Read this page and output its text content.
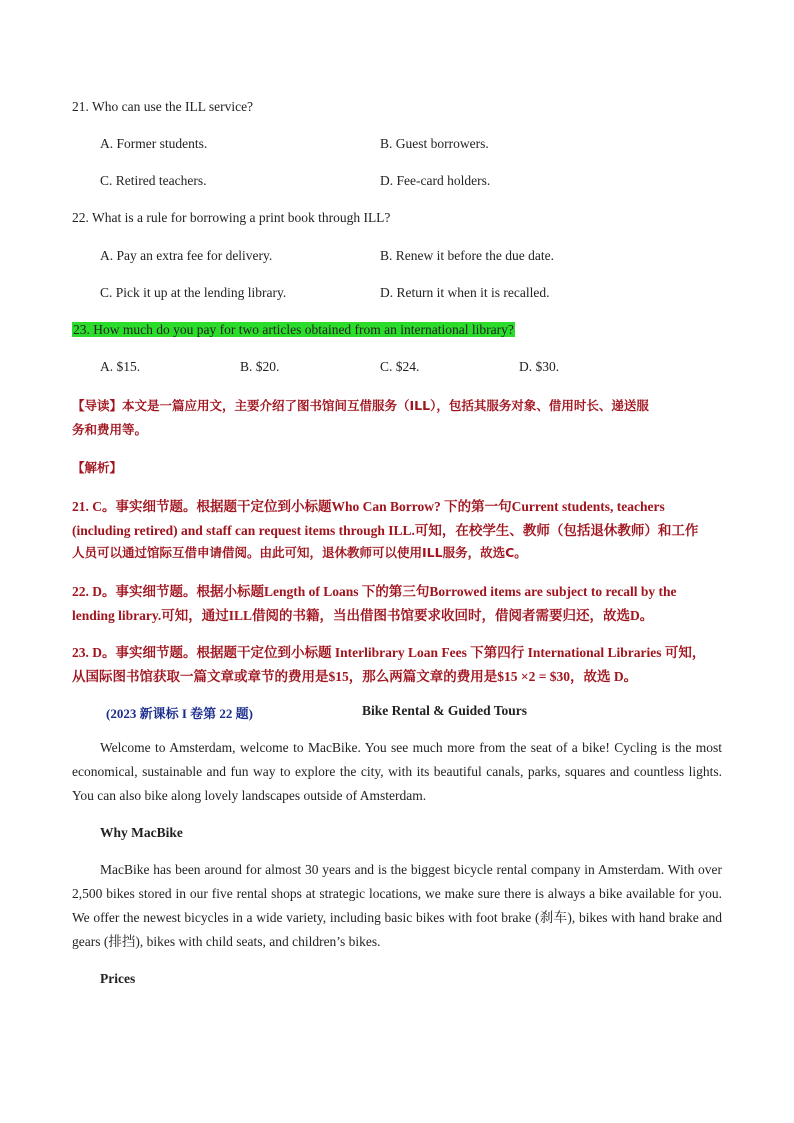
21. Who can use the ILL service?
A. Former students.	B. Guest borrowers.
C. Retired teachers.	D. Fee-card holders.
22. What is a rule for borrowing a print book through ILL?
A. Pay an extra fee for delivery.	B. Renew it before the due date.
C. Pick it up at the lending library.	D. Return it when it is recalled.
23. How much do you pay for two articles obtained from an international library?
A. $15.	B. $20.	C. $24.	D. $30.
【导读】本文是一篇应用文，主要介绍了图书馆间互借服务（ILL），包括其服务对象、借用时长、递送服
务和费用等。
【解析】
21. C。事实细节题。根据题干定位到小标题Who Can Borrow? 下的第一句Current students, teachers
(including retired) and staff can request items through ILL.可知，在校学生、教师（包括退休教师）和工作
人员可以通过馆际互借申请借阅。由此可知，退休教师可以使用ILL服务，故选C。
22. D。事实细节题。根据小标题Length of Loans 下的第三句Borrowed items are subject to recall by the
lending library.可知，通过ILL借阅的书籍，当出借图书馆要求收回时，借阅者需要归还，故选D。
23. D。事实细节题。根据题干定位到小标题 Interlibrary Loan Fees 下第四行 International Libraries 可知，
从国际图书馆获取一篇文章或章节的费用是$15，那么两篇文章的费用是$15 ×2 = $30，故选 D。
(2023 新课标 I 卷第 22 题)	Bike Rental & Guided Tours
Welcome to Amsterdam, welcome to MacBike. You see much more from the seat of a bike! Cycling is the most economical, sustainable and fun way to explore the city, with its beautiful canals, parks, squares and countless lights. You can also bike along lovely landscapes outside of Amsterdam.
Why MacBike
MacBike has been around for almost 30 years and is the biggest bicycle rental company in Amsterdam. With over 2,500 bikes stored in our five rental shops at strategic locations, we make sure there is always a bike available for you. We offer the newest bicycles in a wide variety, including basic bikes with foot brake (刹车), bikes with hand brake and gears (排挡), bikes with child seats, and children’s bikes.
Prices
